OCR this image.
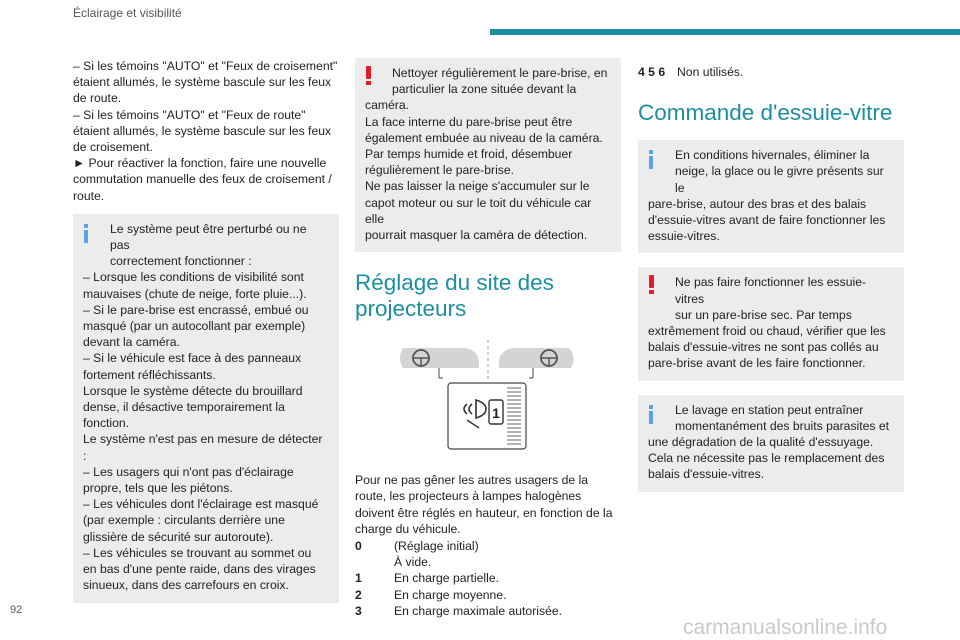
Éclairage et visibilité

– Si les témoins "AUTO" et "Feux de croisement" étaient allumés, le système bascule sur les feux de route.

– Si les témoins "AUTO" et "Feux de route" étaient allumés, le système bascule sur les feux de croisement.

► Pour réactiver la fonction, faire une nouvelle commutation manuelle des feux de croisement / route.

Le système peut être perturbé ou ne pas
correctement fonctionner :
– Lorsque les conditions de visibilité sont
mauvaises (chute de neige, forte pluie...).
– Si le pare-brise est encrassé, embué ou
masqué (par un autocollant par exemple)
devant la caméra.
– Si le véhicule est face à des panneaux
fortement réfléchissants.
Lorsque le système détecte du brouillard
dense, il désactive temporairement la
fonction.
Le système n'est pas en mesure de détecter :
– Les usagers qui n'ont pas d'éclairage
propre, tels que les piétons.
– Les véhicules dont l'éclairage est masqué
(par exemple : circulants derrière une
glissière de sécurité sur autoroute).
– Les véhicules se trouvant au sommet ou
en bas d'une pente raide, dans des virages
sinueux, dans des carrefours en croix.
Nettoyer régulièrement le pare-brise, en
particulier la zone située devant la
caméra.
La face interne du pare-brise peut être
également embuée au niveau de la caméra.
Par temps humide et froid, désembuer
régulièrement le pare-brise.
Ne pas laisser la neige s'accumuler sur le
capot moteur ou sur le toit du véhicule car elle
pourrait masquer la caméra de détection.
Réglage du site des projecteurs
1

Pour ne pas gêner les autres usagers de la route, les projecteurs à lampes halogènes doivent être réglés en hauteur, en fonction de la charge du véhicule.

0	(Réglage initial)
À vide.
1	En charge partielle.
2	En charge moyenne.
3	En charge maximale autorisée.
4 5 6 Non utilisés.
Commande d'essuie-vitre
En conditions hivernales, éliminer la
neige, la glace ou le givre présents sur le
pare-brise, autour des bras et des balais
d'essuie-vitres avant de faire fonctionner les
essuie-vitres.
Ne pas faire fonctionner les essuie-vitres
sur un pare-brise sec. Par temps
extrêmement froid ou chaud, vérifier que les
balais d'essuie-vitres ne sont pas collés au
pare-brise avant de les faire fonctionner.
Le lavage en station peut entraîner
momentanément des bruits parasites et
une dégradation de la qualité d'essuyage.
Cela ne nécessite pas le remplacement des
balais d'essuie-vitres.
92
carmanualsonline.info
